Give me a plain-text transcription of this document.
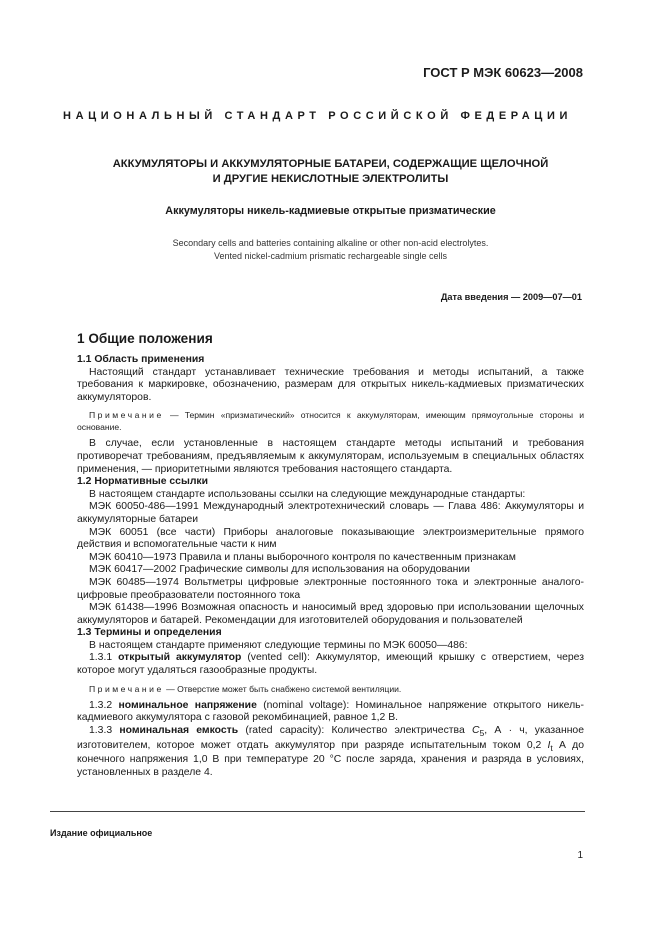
ГОСТ Р МЭК 60623—2008
НАЦИОНАЛЬНЫЙ СТАНДАРТ РОССИЙСКОЙ ФЕДЕРАЦИИ
АККУМУЛЯТОРЫ И АККУМУЛЯТОРНЫЕ БАТАРЕИ, СОДЕРЖАЩИЕ ЩЕЛОЧНОЙ
И ДРУГИЕ НЕКИСЛОТНЫЕ ЭЛЕКТРОЛИТЫ
Аккумуляторы никель-кадмиевые открытые призматические
Secondary cells and batteries containing alkaline or other non-acid electrolytes.
Vented nickel-cadmium prismatic rechargeable single cells
Дата введения — 2009—07—01
1 Общие положения

1.1 Область применения

Настоящий стандарт устанавливает технические требования и методы испытаний, а также требования к маркировке, обозначению, размерам для открытых никель-кадмиевых призматических аккумуляторов.

Примечание — Термин «призматический» относится к аккумуляторам, имеющим прямоугольные стороны и основание.

В случае, если установленные в настоящем стандарте методы испытаний и требования противоречат требованиям, предъявляемым к аккумуляторам, используемым в специальных областях применения, — приоритетными являются требования настоящего стандарта.

1.2 Нормативные ссылки

В настоящем стандарте использованы ссылки на следующие международные стандарты:

МЭК 60050-486—1991 Международный электротехнический словарь — Глава 486: Аккумуляторы и аккумуляторные батареи

МЭК 60051 (все части) Приборы аналоговые показывающие электроизмерительные прямого действия и вспомогательные части к ним

МЭК 60410—1973 Правила и планы выборочного контроля по качественным признакам

МЭК 60417—2002 Графические символы для использования на оборудовании

МЭК 60485—1974 Вольтметры цифровые электронные постоянного тока и электронные аналого-цифровые преобразователи постоянного тока

МЭК 61438—1996 Возможная опасность и наносимый вред здоровью при использовании щелочных аккумуляторов и батарей. Рекомендации для изготовителей оборудования и пользователей

1.3 Термины и определения

В настоящем стандарте применяют следующие термины по МЭК 60050—486:

1.3.1 открытый аккумулятор (vented cell): Аккумулятор, имеющий крышку с отверстием, через которое могут удаляться газообразные продукты.

Примечание — Отверстие может быть снабжено системой вентиляции.

1.3.2 номинальное напряжение (nominal voltage): Номинальное напряжение открытого никель-кадмиевого аккумулятора с газовой рекомбинацией, равное 1,2 В.

1.3.3 номинальная емкость (rated capacity): Количество электричества $C_5$, А · ч, указанное изготовителем, которое может отдать аккумулятор при разряде испытательным током 0,2 $I_t$ А до конечного напряжения 1,0 В при температуре 20 °C после заряда, хранения и разряда в условиях, установленных в разделе 4.

Издание официальное
1
